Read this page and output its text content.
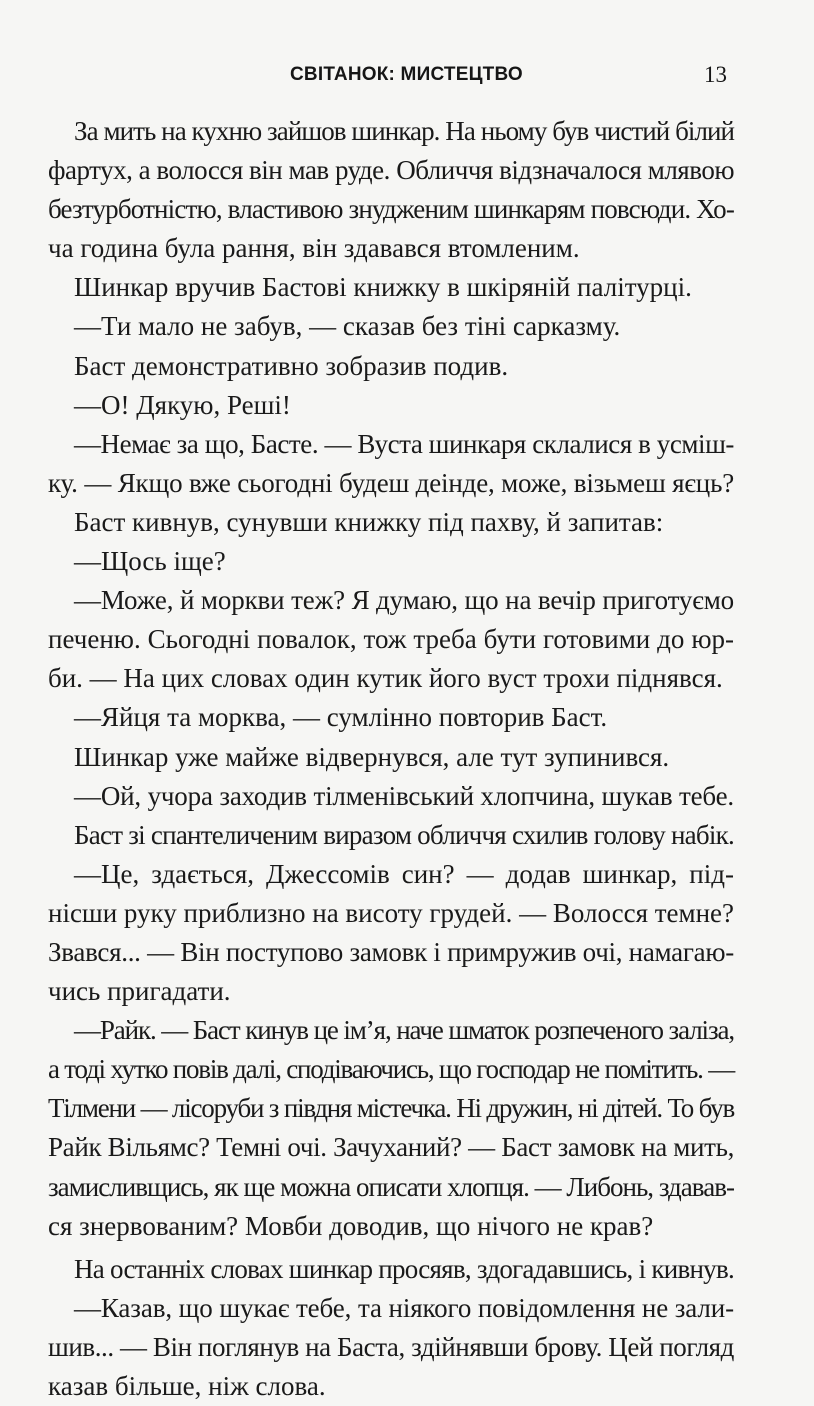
СВІТАНОК: МИСТЕЦТВО	13
За мить на кухню зайшов шинкар. На ньому був чистий білий
фартух, а волосся він мав руде. Обличчя відзначалося млявою
безтурботністю, властивою знудженим шинкарям повсюди. Хо-
ча година була рання, він здавався втомленим.
Шинкар вручив Бастові книжку в шкіряній палітурці.
—Ти мало не забув, — сказав без тіні сарказму.
Баст демонстративно зобразив подив.
—О! Дякую, Реші!
—Немає за що, Басте. — Вуста шинкаря склалися в усміш-
ку. — Якщо вже сьогодні будеш деінде, може, візьмеш яєць?
Баст кивнув, сунувши книжку під пахву, й запитав:
—Щось іще?
—Може, й моркви теж? Я думаю, що на вечір приготуємо
печеню. Сьогодні повалок, тож треба бути готовими до юр-
би. — На цих словах один кутик його вуст трохи піднявся.
—Яйця та морква, — сумлінно повторив Баст.
Шинкар уже майже відвернувся, але тут зупинився.
—Ой, учора заходив тілменівський хлопчина, шукав тебе.
Баст зі спантеличеним виразом обличчя схилив голову набік.
—Це, здається, Джессомів син? — додав шинкар, під-
нісши руку приблизно на висоту грудей. — Волосся темне?
Звався... — Він поступово замовк і примружив очі, намагаю-
чись пригадати.
—Райк. — Баст кинув це ім’я, наче шматок розпеченого заліза,
а тоді хутко повів далі, сподіваючись, що господар не помітить. —
Тілмени — лісоруби з півдня містечка. Ні дружин, ні дітей. То був
Райк Вільямс? Темні очі. Зачуханий? — Баст замовк на мить,
замисливщись, як ще можна описати хлопця. — Либонь, здавав-
ся знервованим? Мовби доводив, що нічого не крав?
На останніх словах шинкар просяяв, здогадавшись, і кивнув.
—Казав, що шукає тебе, та ніякого повідомлення не зали-
шив... — Він поглянув на Баста, здійнявши брову. Цей погляд
казав більше, ніж слова.
